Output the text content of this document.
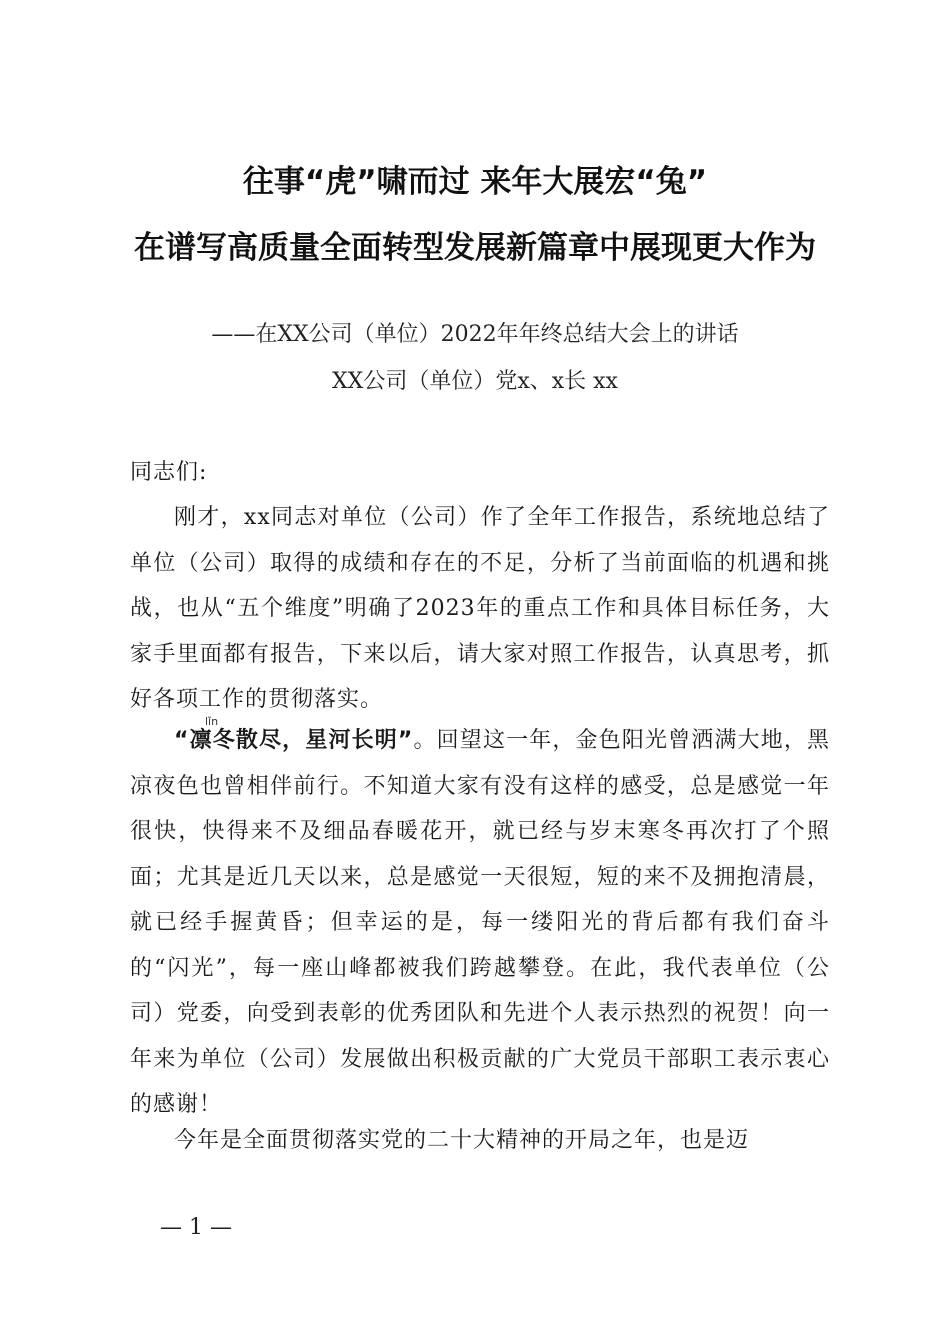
往事“虎”啸而过 来年大展宏“兔”
在谱写高质量全面转型发展新篇章中展现更大作为
——在XX公司（单位）2022年年终总结大会上的讲话
XX公司（单位）党x、x长 xx
同志们:

刚才，xx同志对单位（公司）作了全年工作报告，系统地总结了单位（公司）取得的成绩和存在的不足，分析了当前面临的机遇和挑战，也从“五个维度”明确了2023年的重点工作和具体目标任务，大家手里面都有报告，下来以后，请大家对照工作报告，认真思考，抓好各项工作的贯彻落实。

lǐn

“凛冬散尽，星河长明”。回望这一年，金色阳光曾洒满大地，黑凉夜色也曾相伴前行。不知道大家有没有这样的感受，总是感觉一年很快，快得来不及细品春暖花开，就已经与岁末寒冬再次打了个照面；尤其是近几天以来，总是感觉一天很短，短的来不及拥抱清晨，就已经手握黄昏；但幸运的是，每一缕阳光的背后都有我们奋斗的“闪光”，每一座山峰都被我们跨越攀登。在此，我代表单位（公司）党委，向受到表彰的优秀团队和先进个人表示热烈的祝贺！向一年来为单位（公司）发展做出积极贡献的广大党员干部职工表示衷心的感谢！

今年是全面贯彻落实党的二十大精神的开局之年，也是迈

— 1 —
